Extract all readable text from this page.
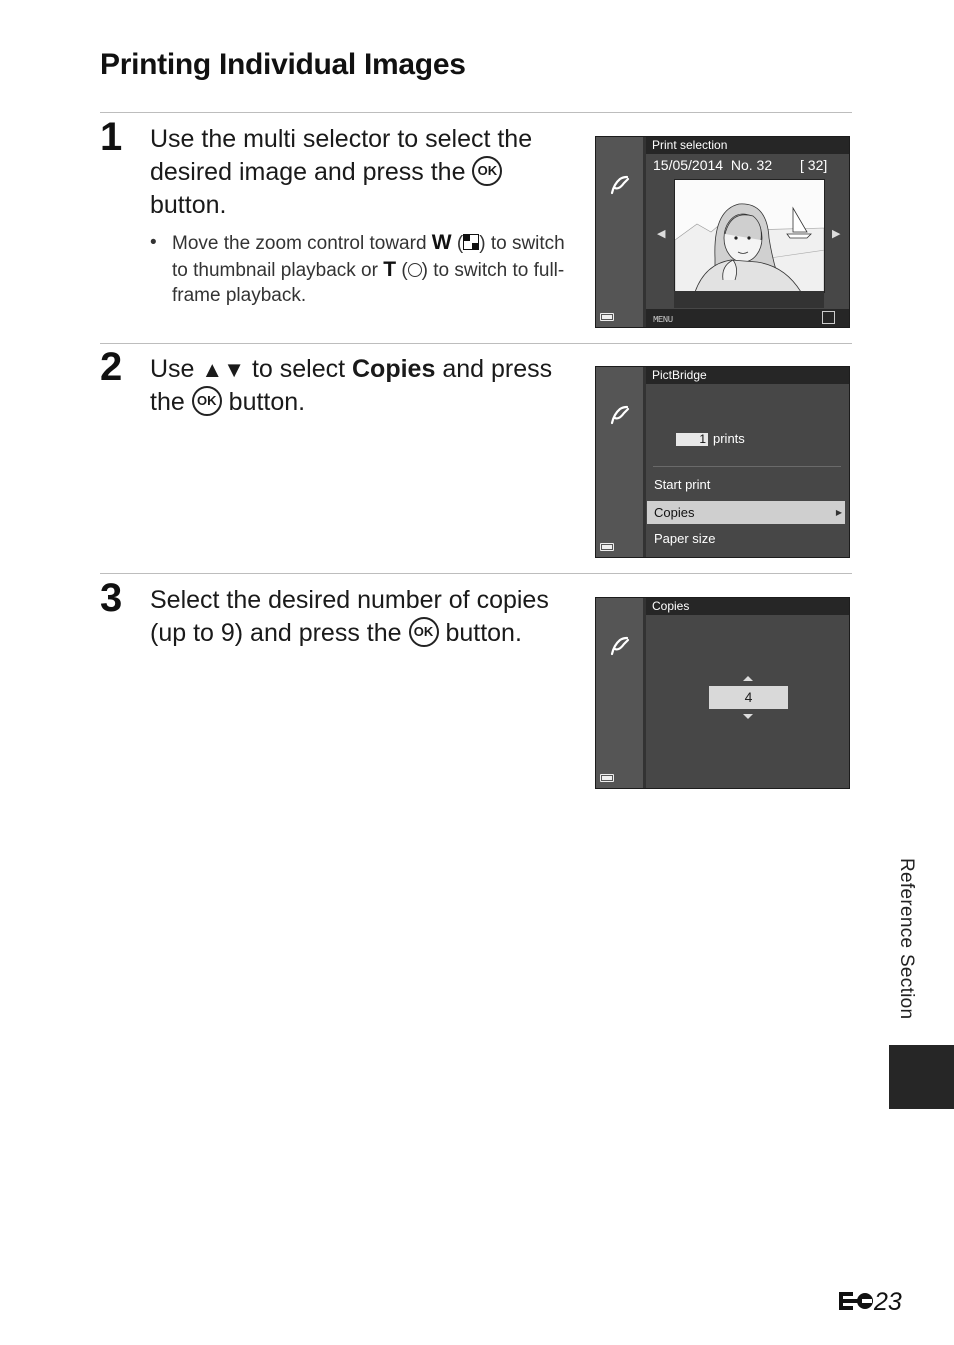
Printing Individual Images
1 Use the multi selector to select the desired image and press the OK button.
• Move the zoom control toward W ( ) to switch to thumbnail playback or T ( ) to switch to full-frame playback.
Print selection
15/05/2014 No. 32 [ 32]
◀	▶
MENU
2 Use ▲▼ to select Copies and press the OK button.
PictBridge
1 prints
Start print
Copies	▶
Paper size
3 Select the desired number of copies (up to 9) and press the OK button.
Copies
4
Reference Section
23
